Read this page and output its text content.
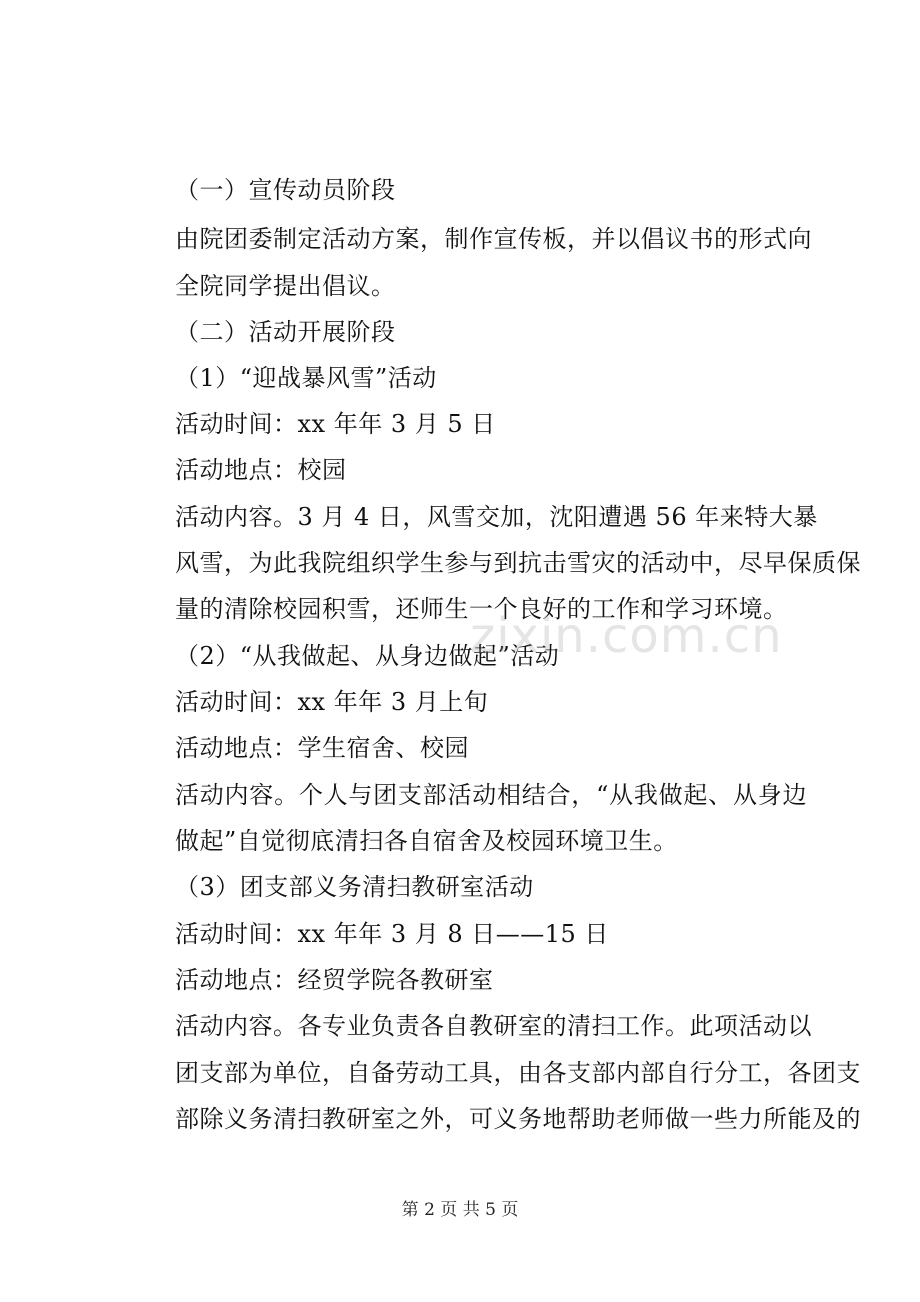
（一）宣传动员阶段
由院团委制定活动方案，制作宣传板，并以倡议书的形式向
全院同学提出倡议。
（二）活动开展阶段
（1）“迎战暴风雪”活动
活动时间：xx 年年 3 月 5 日
活动地点：校园
活动内容。3 月 4 日，风雪交加，沈阳遭遇 56 年来特大暴
风雪，为此我院组织学生参与到抗击雪灾的活动中，尽早保质保
量的清除校园积雪，还师生一个良好的工作和学习环境。
（2）“从我做起、从身边做起”活动
活动时间：xx 年年 3 月上旬
活动地点：学生宿舍、校园
活动内容。个人与团支部活动相结合，“从我做起、从身边
做起”自觉彻底清扫各自宿舍及校园环境卫生。
（3）团支部义务清扫教研室活动
活动时间：xx 年年 3 月 8 日——15 日
活动地点：经贸学院各教研室
活动内容。各专业负责各自教研室的清扫工作。此项活动以
团支部为单位，自备劳动工具，由各支部内部自行分工，各团支
部除义务清扫教研室之外，可义务地帮助老师做一些力所能及的
zixin.com.cn
第 2 页 共 5 页
